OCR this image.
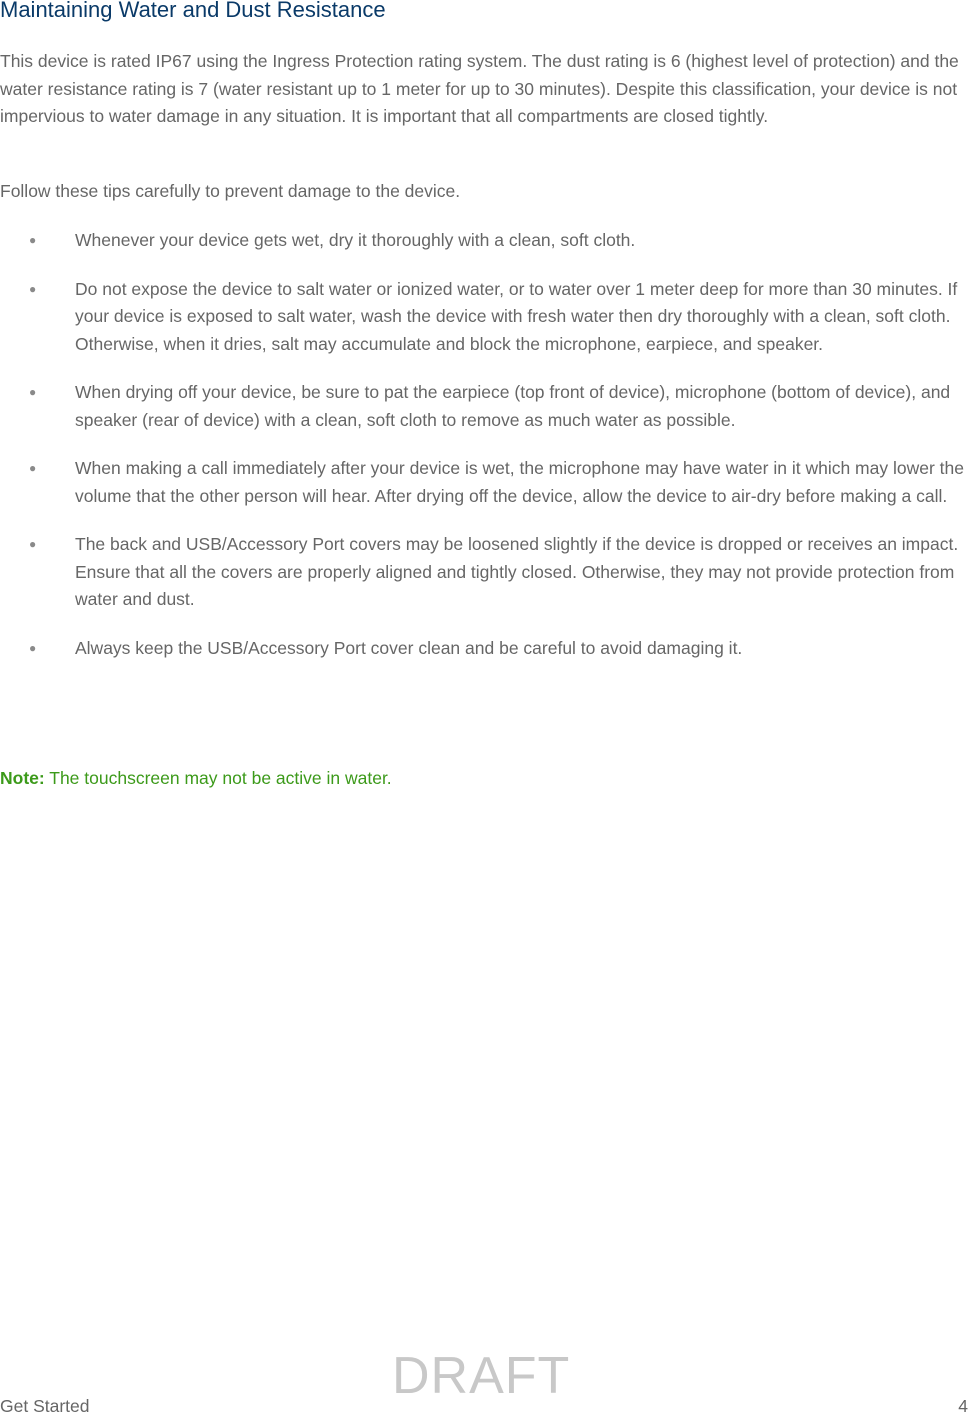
Maintaining Water and Dust Resistance

This device is rated IP67 using the Ingress Protection rating system. The dust rating is 6 (highest level of protection) and the water resistance rating is 7 (water resistant up to 1 meter for up to 30 minutes). Despite this classification, your device is not impervious to water damage in any situation. It is important that all compartments are closed tightly.

Follow these tips carefully to prevent damage to the device.

● Whenever your device gets wet, dry it thoroughly with a clean, soft cloth.
● Do not expose the device to salt water or ionized water, or to water over 1 meter deep for more than 30 minutes. If your device is exposed to salt water, wash the device with fresh water then dry thoroughly with a clean, soft cloth. Otherwise, when it dries, salt may accumulate and block the microphone, earpiece, and speaker.
● When drying off your device, be sure to pat the earpiece (top front of device), microphone (bottom of device), and speaker (rear of device) with a clean, soft cloth to remove as much water as possible.
● When making a call immediately after your device is wet, the microphone may have water in it which may lower the volume that the other person will hear. After drying off the device, allow the device to air-dry before making a call.
● The back and USB/Accessory Port covers may be loosened slightly if the device is dropped or receives an impact. Ensure that all the covers are properly aligned and tightly closed. Otherwise, they may not provide protection from water and dust.
● Always keep the USB/Accessory Port cover clean and be careful to avoid damaging it.

Note: The touchscreen may not be active in water.

DRAFT
Get Started	4
